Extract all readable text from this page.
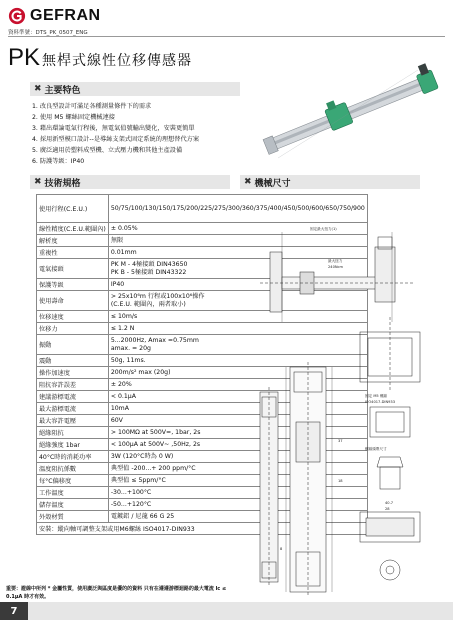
GEFRAN
資料準號：DTS_PK_0507_ENG
PK 無桿式線性位移傳感器
✖ 主要特色
1. 改良型設計可滿足各種測量條件下的需求
2. 使用 M5 螺絲固定機械連接
3. 藉出環論電氣行程後，無電氣值號輸出變化，安裝更簡單
4. 採用新型模口設計--是導絲支架式固定系統的理想替代方案
5. 廣泛適用於塑料成型機、立式壓力機和其他主產設備
6. 防護等級：IP40
✖ 技術規格
使用行程(C.E.U.)	50/75/100/130/150/175/200/225/275/300/360/375/400/450/500/600/650/750/900
線性精度(C.E.U.範圍內)	± 0.05%
解析度	無限
重複性	0.01mm
電氣接頭	PK M - 4極接頭 DIN43650
PK B - 5極接頭 DIN43322
保護等級	IP40
使用壽命	> 25x10⁶m 行程或100x10⁶操作
(C.E.U. 範圍內，兩者取小)
位移速度	≤ 10m/s
位移力	≤ 1.2 N
振動	5...2000Hz, Amax =0.75mm
amax. = 20g
震動	50g, 11ms.
操作加速度	200m/s² max (20g)
阻抗容許誤差	± 20%
建議游標電流	< 0.1μA
最大游標電流	10mA
最大容許電壓	60V
絕緣阻抗	> 100MΩ at 500V=, 1bar, 2s
絕緣強度 1bar	< 100μA at 500V~ ,50Hz, 2s
40°C時的消耗功率	3W (120°C時為 0 W)
溫度阻抗係數	典型值 -200...+ 200 ppm/°C
每°C偏移度	典型值 ≤ 5ppm/°C
工作溫度	-30...+100°C
儲存溫度	-50...+120°C
外殼材質	電鍍鋁 / 尼龍 66 G 25
安裝：縱向軸可調整支架或用M6螺絲 ISO4017-DIN933	
重要：證線中所列 * 金屬性質，使用廣泛與區度是優的的資料 只有在遵遵游標迴路的最大電流 lc ≤ 0.1μA 時才有效。
✖ 機械尺寸
固定最大扭力(1)
最大扭力
240Ncm
固定 M5 螺絲
ISO4017-DIN933
螺絲頭帶尺寸
40.7
28
37
8
18
7
